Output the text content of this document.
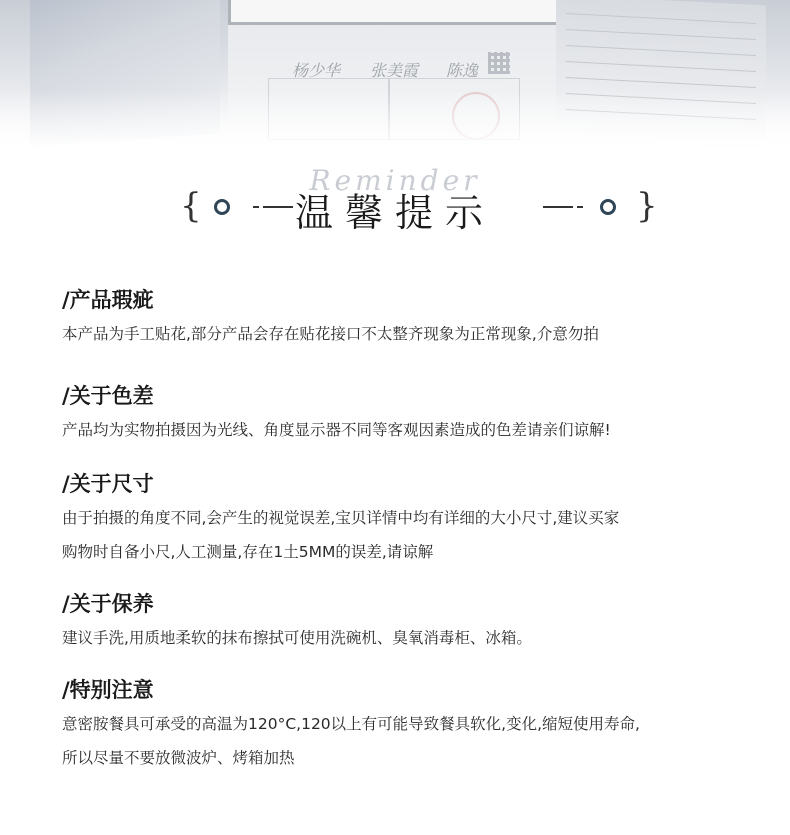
杨少华 张美霞 陈逸
Reminder
{	温馨提示	}
/产品瑕疵

本产品为手工贴花,部分产品会存在贴花接口不太整齐现象为正常现象,介意勿拍

/关于色差

产品均为实物拍摄因为光线、角度显示器不同等客观因素造成的色差请亲们谅解!

/关于尺寸

由于拍摄的角度不同,会产生的视觉误差,宝贝详情中均有详细的大小尺寸,建议买家

购物时自备小尺,人工测量,存在1土5MM的误差,请谅解

/关于保养

建议手洗,用质地柔软的抹布擦拭可使用洗碗机、臭氧消毒柜、冰箱。

/特别注意

意密胺餐具可承受的高温为120°C,120以上有可能导致餐具软化,变化,缩短使用寿命,

所以尽量不要放微波炉、烤箱加热
